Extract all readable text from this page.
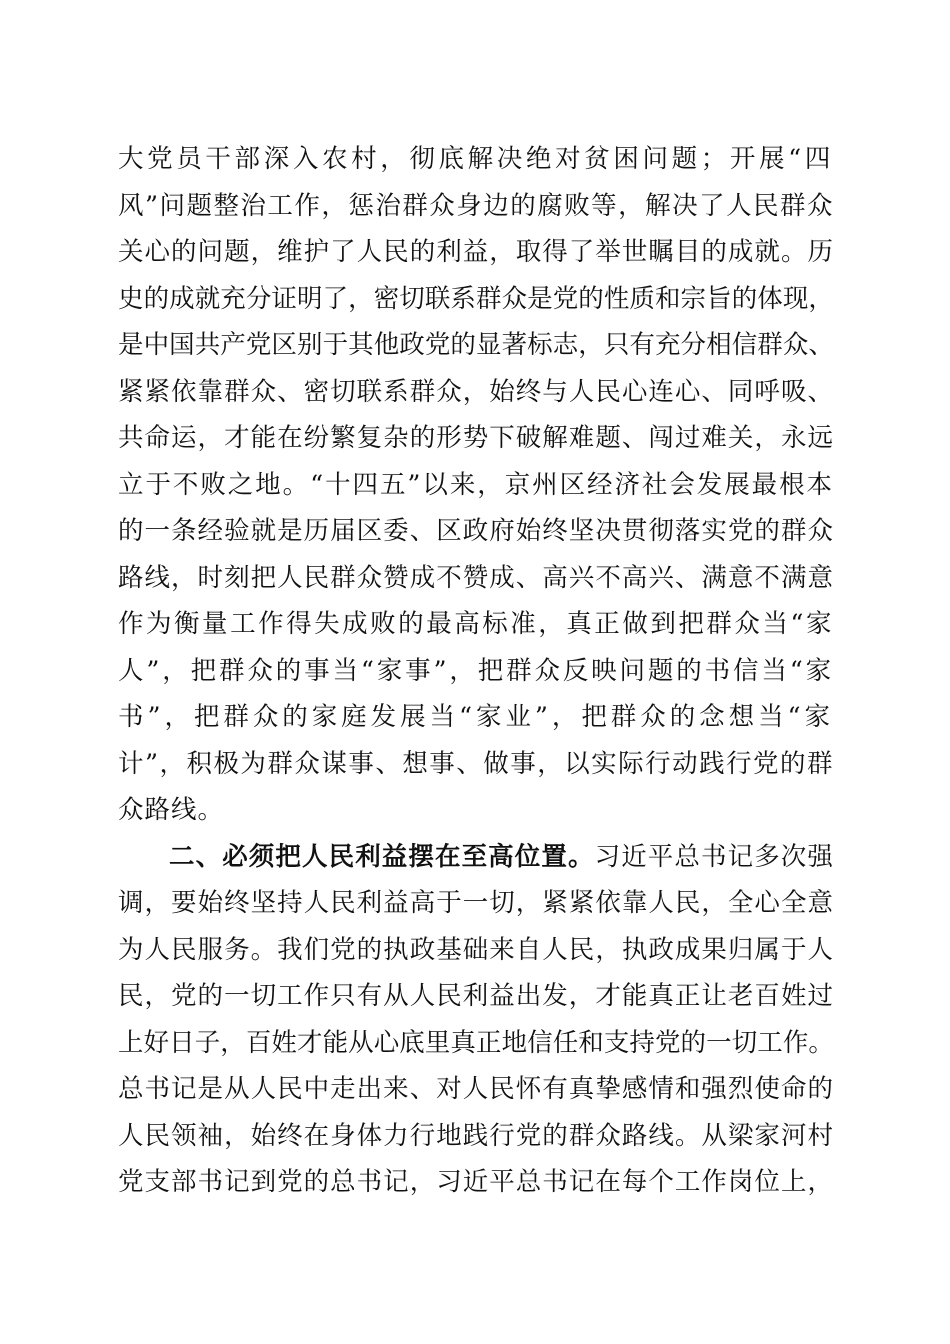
大党员干部深入农村，彻底解决绝对贫困问题；开展“四
风”问题整治工作，惩治群众身边的腐败等，解决了人民群众
关心的问题，维护了人民的利益，取得了举世瞩目的成就。历
史的成就充分证明了，密切联系群众是党的性质和宗旨的体现，
是中国共产党区别于其他政党的显著标志，只有充分相信群众、
紧紧依靠群众、密切联系群众，始终与人民心连心、同呼吸、
共命运，才能在纷繁复杂的形势下破解难题、闯过难关，永远
立于不败之地。“十四五”以来，京州区经济社会发展最根本
的一条经验就是历届区委、区政府始终坚决贯彻落实党的群众
路线，时刻把人民群众赞成不赞成、高兴不高兴、满意不满意
作为衡量工作得失成败的最高标准，真正做到把群众当“家
人”，把群众的事当“家事”，把群众反映问题的书信当“家
书”，把群众的家庭发展当“家业”，把群众的念想当“家
计”，积极为群众谋事、想事、做事，以实际行动践行党的群
众路线。
二、必须把人民利益摆在至高位置。习近平总书记多次强
调，要始终坚持人民利益高于一切，紧紧依靠人民，全心全意
为人民服务。我们党的执政基础来自人民，执政成果归属于人
民，党的一切工作只有从人民利益出发，才能真正让老百姓过
上好日子，百姓才能从心底里真正地信任和支持党的一切工作。
总书记是从人民中走出来、对人民怀有真挚感情和强烈使命的
人民领袖，始终在身体力行地践行党的群众路线。从梁家河村
党支部书记到党的总书记，习近平总书记在每个工作岗位上，
